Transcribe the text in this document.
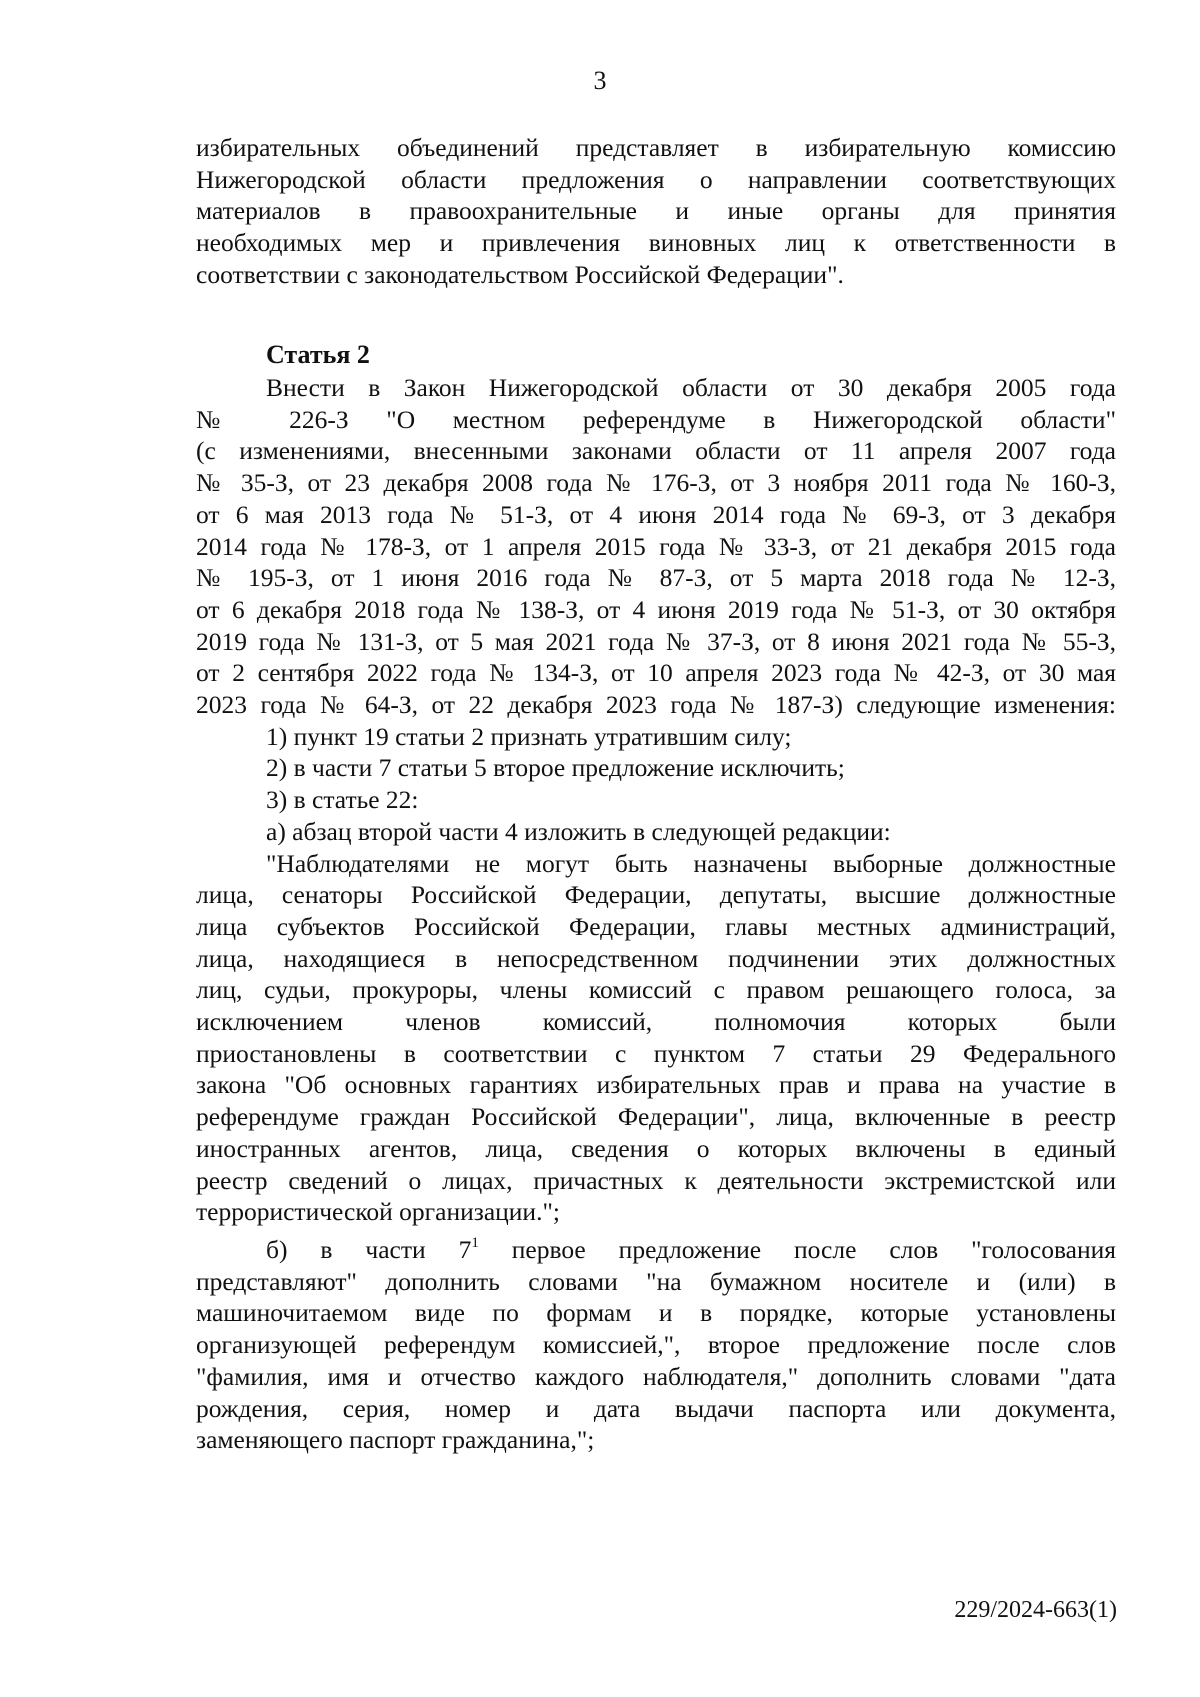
3

избирательных объединений представляет в избирательную комиссию

Нижегородской области предложения о направлении соответствующих

материалов в правоохранительные и иные органы для принятия

необходимых мер и привлечения виновных лиц к ответственности в

соответствии с законодательством Российской Федерации".

Статья 2

Внести в Закон Нижегородской области от 30 декабря 2005 года

№ 226-З "О местном референдуме в Нижегородской области"

(с изменениями, внесенными законами области от 11 апреля 2007 года

№ 35-З, от 23 декабря 2008 года № 176-З, от 3 ноября 2011 года № 160-З,

от 6 мая 2013 года № 51-З, от 4 июня 2014 года № 69-З, от 3 декабря

2014 года № 178-З, от 1 апреля 2015 года № 33-З, от 21 декабря 2015 года

№ 195-З, от 1 июня 2016 года № 87-З, от 5 марта 2018 года № 12-З,

от 6 декабря 2018 года № 138-З, от 4 июня 2019 года № 51-З, от 30 октября

2019 года № 131-З, от 5 мая 2021 года № 37-З, от 8 июня 2021 года № 55-З,

от 2 сентября 2022 года № 134-З, от 10 апреля 2023 года № 42-З, от 30 мая

2023 года № 64-З, от 22 декабря 2023 года № 187-З) следующие изменения:

1) пункт 19 статьи 2 признать утратившим силу;

2) в части 7 статьи 5 второе предложение исключить;

3) в статье 22:

а) абзац второй части 4 изложить в следующей редакции:

"Наблюдателями не могут быть назначены выборные должностные

лица, сенаторы Российской Федерации, депутаты, высшие должностные

лица субъектов Российской Федерации, главы местных администраций,

лица, находящиеся в непосредственном подчинении этих должностных

лиц, судьи, прокуроры, члены комиссий с правом решающего голоса, за

исключением членов комиссий, полномочия которых были

приостановлены в соответствии с пунктом 7 статьи 29 Федерального

закона "Об основных гарантиях избирательных прав и права на участие в

референдуме граждан Российской Федерации", лица, включенные в реестр

иностранных агентов, лица, сведения о которых включены в единый

реестр сведений о лицах, причастных к деятельности экстремистской или

террористической организации.";

б) в части $7^1$ первое предложение после слов "голосования

представляют" дополнить словами "на бумажном носителе и (или) в

машиночитаемом виде по формам и в порядке, которые установлены

организующей референдум комиссией,", второе предложение после слов

"фамилия, имя и отчество каждого наблюдателя," дополнить словами "дата

рождения, серия, номер и дата выдачи паспорта или документа,

заменяющего паспорт гражданина,";

229/2024-663(1)
